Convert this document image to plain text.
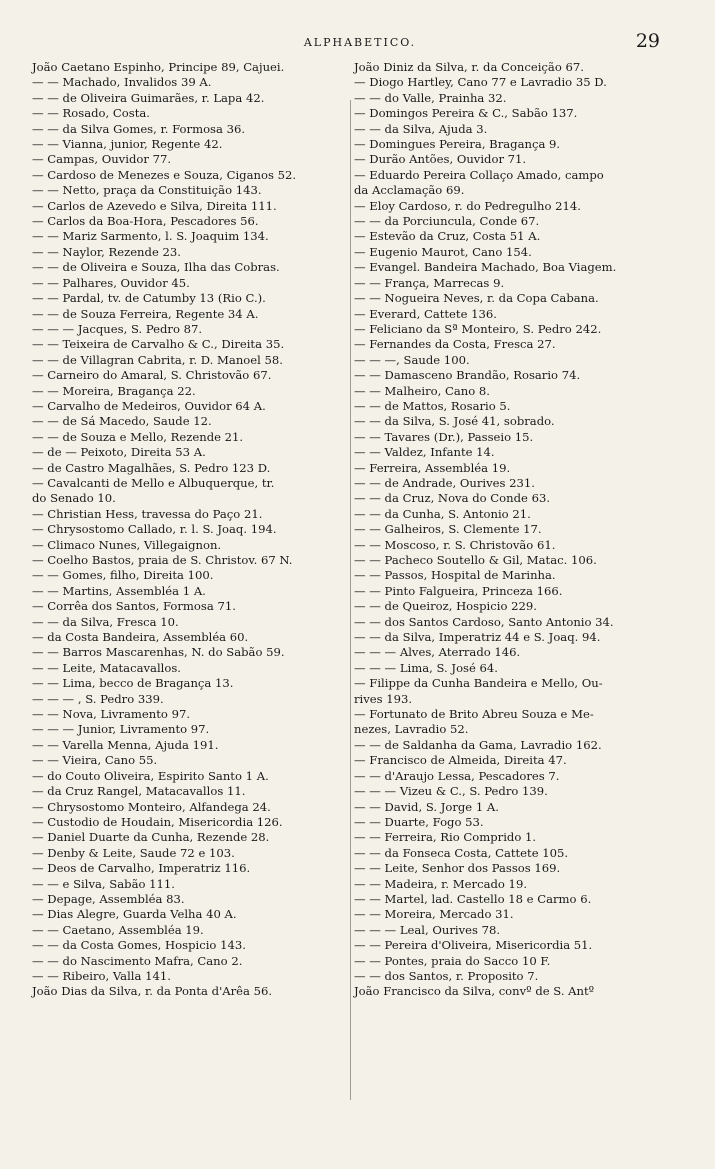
ALPHABETICO.	29
João Caetano Espinho, Principe 89, Cajuei.
— — Machado, Invalidos 39 A.
— — de Oliveira Guimarães, r. Lapa 42.
— — Rosado, Costa.
— — da Silva Gomes, r. Formosa 36.
— — Vianna, junior, Regente 42.
— Campas, Ouvidor 77.
— Cardoso de Menezes e Souza, Ciganos 52.
— — Netto, praça da Constituição 143.
— Carlos de Azevedo e Silva, Direita 111.
— Carlos da Boa-Hora, Pescadores 56.
— — Mariz Sarmento, l. S. Joaquim 134.
— — Naylor, Rezende 23.
— — de Oliveira e Souza, Ilha das Cobras.
— — Palhares, Ouvidor 45.
— — Pardal, tv. de Catumby 13 (Rio C.).
— — de Souza Ferreira, Regente 34 A.
— — — Jacques, S. Pedro 87.
— — Teixeira de Carvalho & C., Direita 35.
— — de Villagran Cabrita, r. D. Manoel 58.
— Carneiro do Amaral, S. Christovão 67.
— — Moreira, Bragança 22.
— Carvalho de Medeiros, Ouvidor 64 A.
— — de Sá Macedo, Saude 12.
— — de Souza e Mello, Rezende 21.
— de — Peixoto, Direita 53 A.
— de Castro Magalhães, S. Pedro 123 D.
— Cavalcanti de Mello e Albuquerque, tr.
do Senado 10.
— Christian Hess, travessa do Paço 21.
— Chrysostomo Callado, r. l. S. Joaq. 194.
— Climaco Nunes, Villegaignon.
— Coelho Bastos, praia de S. Christov. 67 N.
— — Gomes, filho, Direita 100.
— — Martins, Assembléa 1 A.
— Corrêa dos Santos, Formosa 71.
— — da Silva, Fresca 10.
— da Costa Bandeira, Assembléa 60.
— — Barros Mascarenhas, N. do Sabão 59.
— — Leite, Matacavallos.
— — Lima, becco de Bragança 13.
— — — , S. Pedro 339.
— — Nova, Livramento 97.
— — — Junior, Livramento 97.
— — Varella Menna, Ajuda 191.
— — Vieira, Cano 55.
— do Couto Oliveira, Espirito Santo 1 A.
— da Cruz Rangel, Matacavallos 11.
— Chrysostomo Monteiro, Alfandega 24.
— Custodio de Houdain, Misericordia 126.
— Daniel Duarte da Cunha, Rezende 28.
— Denby & Leite, Saude 72 e 103.
— Deos de Carvalho, Imperatriz 116.
— — e Silva, Sabão 111.
— Depage, Assembléa 83.
— Dias Alegre, Guarda Velha 40 A.
— — Caetano, Assembléa 19.
— — da Costa Gomes, Hospicio 143.
— — do Nascimento Mafra, Cano 2.
— — Ribeiro, Valla 141.
João Dias da Silva, r. da Ponta d'Arêa 56.
João Diniz da Silva, r. da Conceição 67.
— Diogo Hartley, Cano 77 e Lavradio 35 D.
— — do Valle, Prainha 32.
— Domingos Pereira & C., Sabão 137.
— — da Silva, Ajuda 3.
— Domingues Pereira, Bragança 9.
— Durão Antões, Ouvidor 71.
— Eduardo Pereira Collaço Amado, campo
da Acclamação 69.
— Eloy Cardoso, r. do Pedregulho 214.
— — da Porciuncula, Conde 67.
— Estevão da Cruz, Costa 51 A.
— Eugenio Maurot, Cano 154.
— Evangel. Bandeira Machado, Boa Viagem.
— — França, Marrecas 9.
— — Nogueira Neves, r. da Copa Cabana.
— Everard, Cattete 136.
— Feliciano da Sª Monteiro, S. Pedro 242.
— Fernandes da Costa, Fresca 27.
— — —, Saude 100.
— — Damasceno Brandão, Rosario 74.
— — Malheiro, Cano 8.
— — de Mattos, Rosario 5.
— — da Silva, S. José 41, sobrado.
— — Tavares (Dr.), Passeio 15.
— — Valdez, Infante 14.
— Ferreira, Assembléa 19.
— — de Andrade, Ourives 231.
— — da Cruz, Nova do Conde 63.
— — da Cunha, S. Antonio 21.
— — Galheiros, S. Clemente 17.
— — Moscoso, r. S. Christovão 61.
— — Pacheco Soutello & Gil, Matac. 106.
— — Passos, Hospital de Marinha.
— — Pinto Falgueira, Princeza 166.
— — de Queiroz, Hospicio 229.
— — dos Santos Cardoso, Santo Antonio 34.
— — da Silva, Imperatriz 44 e S. Joaq. 94.
— — — Alves, Aterrado 146.
— — — Lima, S. José 64.
— Filippe da Cunha Bandeira e Mello, Ou-
rives 193.
— Fortunato de Brito Abreu Souza e Me-
nezes, Lavradio 52.
— — de Saldanha da Gama, Lavradio 162.
— Francisco de Almeida, Direita 47.
— — d'Araujo Lessa, Pescadores 7.
— — — Vizeu & C., S. Pedro 139.
— — David, S. Jorge 1 A.
— — Duarte, Fogo 53.
— — Ferreira, Rio Comprido 1.
— — da Fonseca Costa, Cattete 105.
— — Leite, Senhor dos Passos 169.
— — Madeira, r. Mercado 19.
— — Martel, lad. Castello 18 e Carmo 6.
— — Moreira, Mercado 31.
— — — Leal, Ourives 78.
— — Pereira d'Oliveira, Misericordia 51.
— — Pontes, praia do Sacco 10 F.
— — dos Santos, r. Proposito 7.
João Francisco da Silva, convº de S. Antº
